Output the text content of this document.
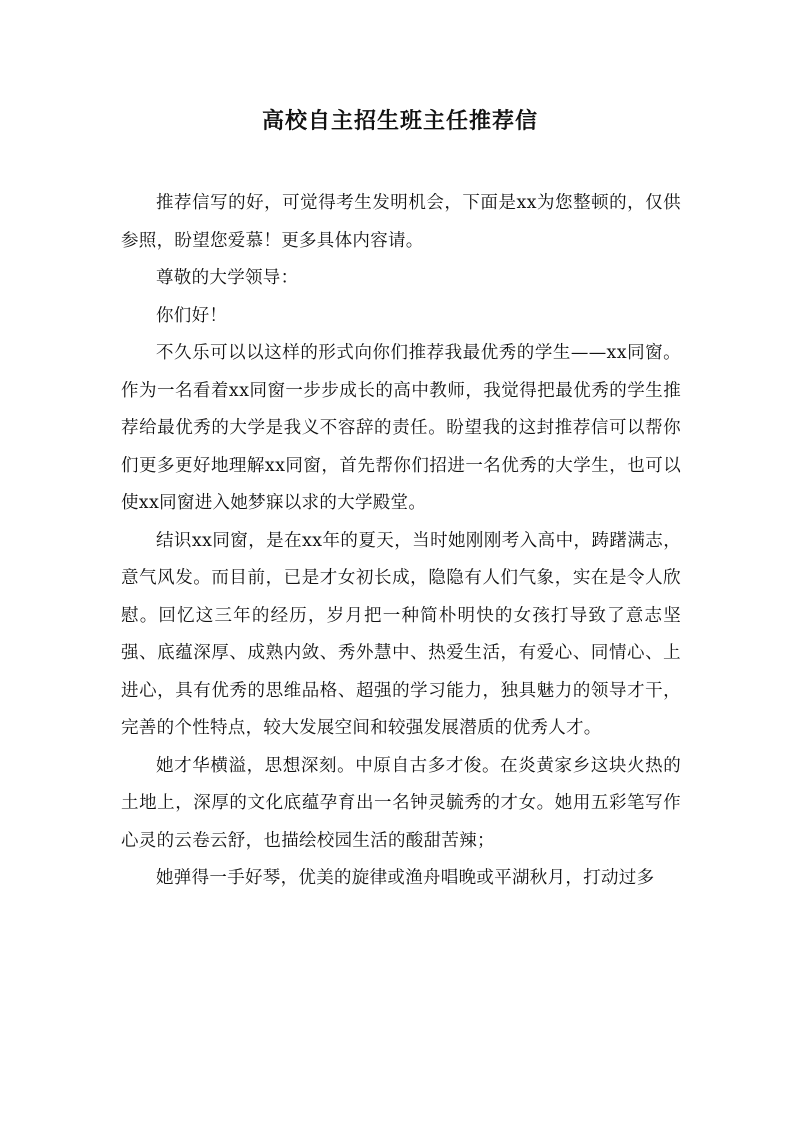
高校自主招生班主任推荐信

推荐信写的好，可觉得考生发明机会，下面是xx为您整顿的，仅供参照，盼望您爱慕！更多具体内容请。

尊敬的大学领导：

你们好！

不久乐可以以这样的形式向你们推荐我最优秀的学生——xx同窗。作为一名看着xx同窗一步步成长的高中教师，我觉得把最优秀的学生推荐给最优秀的大学是我义不容辞的责任。盼望我的这封推荐信可以帮你们更多更好地理解xx同窗，首先帮你们招进一名优秀的大学生，也可以使xx同窗进入她梦寐以求的大学殿堂。

结识xx同窗，是在xx年的夏天，当时她刚刚考入高中，踌躇满志，意气风发。而目前，已是才女初长成，隐隐有人们气象，实在是令人欣慰。回忆这三年的经历，岁月把一种简朴明快的女孩打导致了意志坚强、底蕴深厚、成熟内敛、秀外慧中、热爱生活，有爱心、同情心、上进心，具有优秀的思维品格、超强的学习能力，独具魅力的领导才干，完善的个性特点，较大发展空间和较强发展潜质的优秀人才。

她才华横溢，思想深刻。中原自古多才俊。在炎黄家乡这块火热的土地上，深厚的文化底蕴孕育出一名钟灵毓秀的才女。她用五彩笔写作心灵的云卷云舒，也描绘校园生活的酸甜苦辣；

她弹得一手好琴，优美的旋律或渔舟唱晚或平湖秋月，打动过多
